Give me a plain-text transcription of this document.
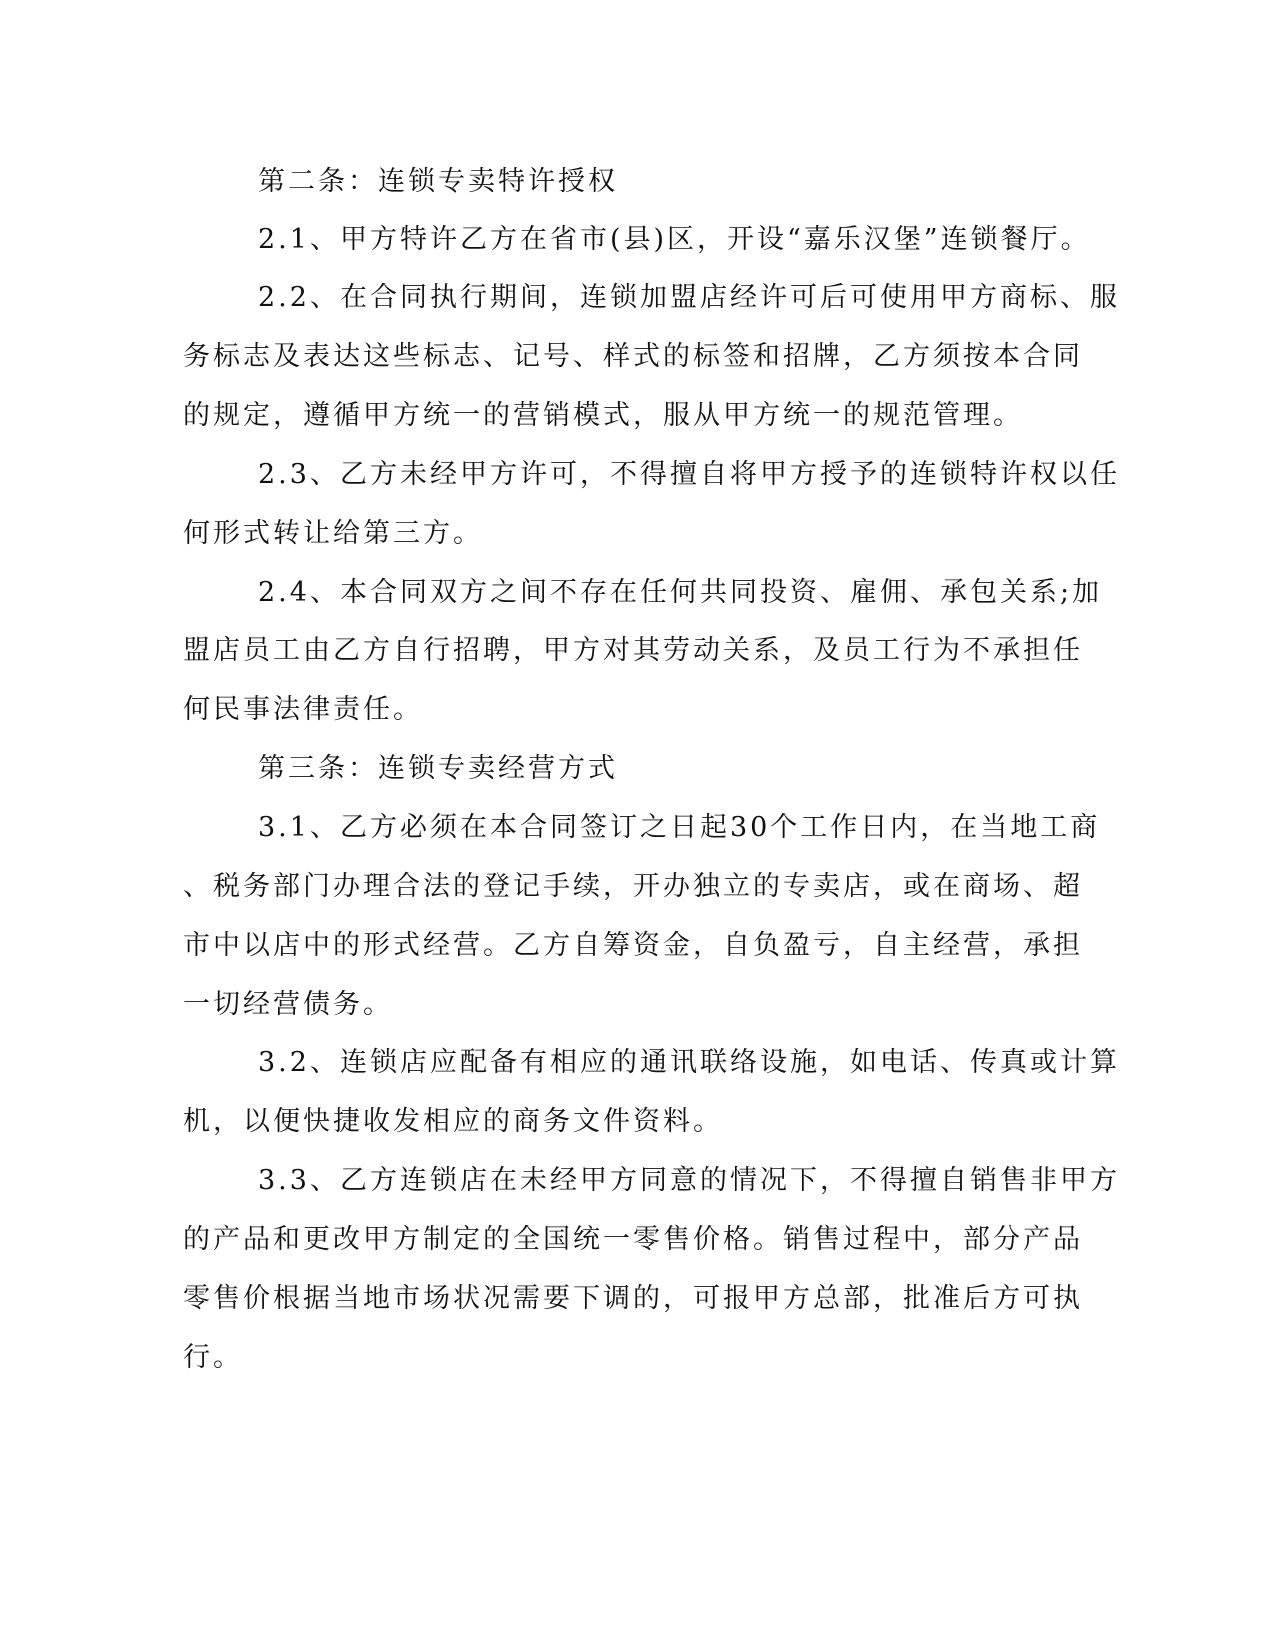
第二条：连锁专卖特许授权
2.1、甲方特许乙方在省市(县)区，开设“嘉乐汉堡”连锁餐厅。
2.2、在合同执行期间，连锁加盟店经许可后可使用甲方商标、服
务标志及表达这些标志、记号、样式的标签和招牌，乙方须按本合同
的规定，遵循甲方统一的营销模式，服从甲方统一的规范管理。
2.3、乙方未经甲方许可，不得擅自将甲方授予的连锁特许权以任
何形式转让给第三方。
2.4、本合同双方之间不存在任何共同投资、雇佣、承包关系;加
盟店员工由乙方自行招聘，甲方对其劳动关系，及员工行为不承担任
何民事法律责任。
第三条：连锁专卖经营方式
3.1、乙方必须在本合同签订之日起30个工作日内，在当地工商
、税务部门办理合法的登记手续，开办独立的专卖店，或在商场、超
市中以店中的形式经营。乙方自筹资金，自负盈亏，自主经营，承担
一切经营债务。
3.2、连锁店应配备有相应的通讯联络设施，如电话、传真或计算
机，以便快捷收发相应的商务文件资料。
3.3、乙方连锁店在未经甲方同意的情况下，不得擅自销售非甲方
的产品和更改甲方制定的全国统一零售价格。销售过程中，部分产品
零售价根据当地市场状况需要下调的，可报甲方总部，批准后方可执
行。
